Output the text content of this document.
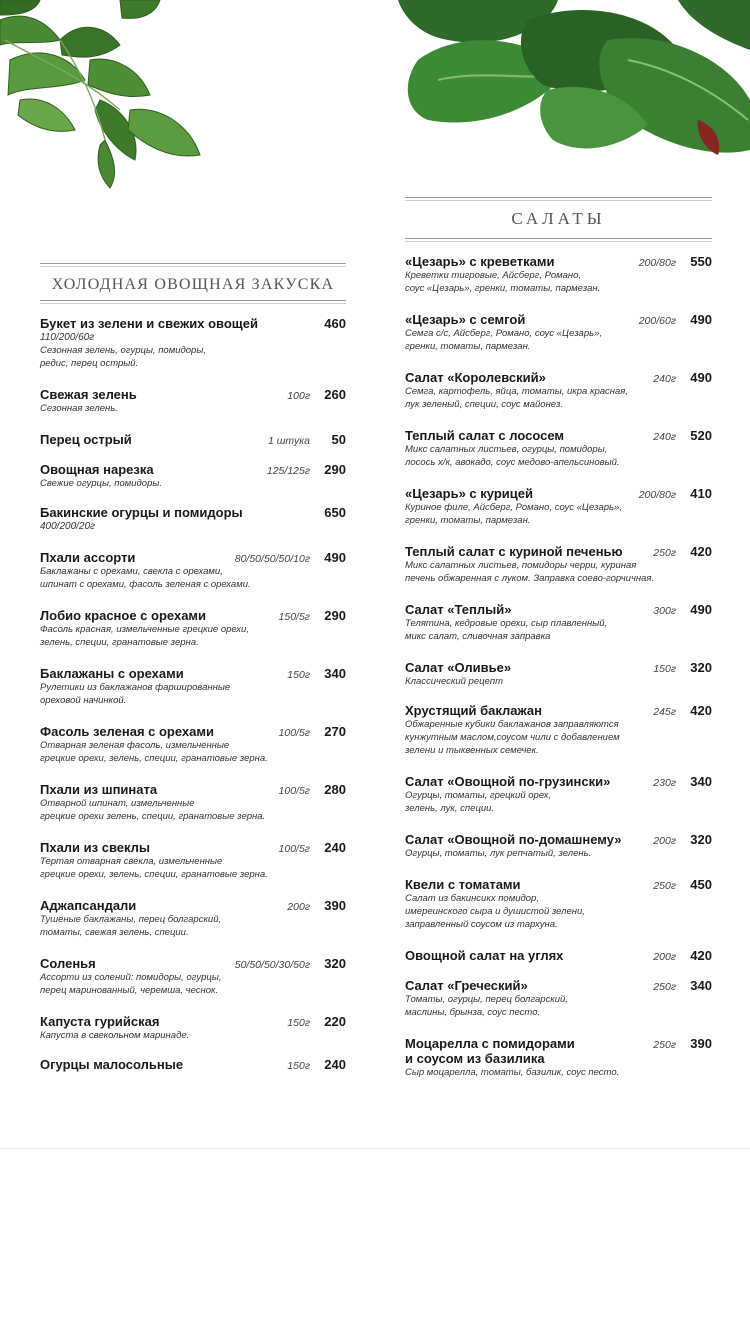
ХОЛОДНАЯ ОВОЩНАЯ ЗАКУСКА
Букет из зелени и свежих овощей	460
110/200/60г
Сезонная зелень, огурцы, помидоры,
редис, перец острый.
Свежая зелень	100г	260
Сезонная зелень.
Перец острый	1 штука	50
Овощная нарезка	125/125г	290
Свежие огурцы, помидоры.
Бакинские огурцы и помидоры	650
400/200/20г
Пхали ассорти	80/50/50/50/10г	490
Баклажаны с орехами, свекла с орехами,
шпинат с орехами, фасоль зеленая с орехами.
Лобио красное с орехами	150/5г	290
Фасоль красная, измельченные грецкие орехи,
зелень, специи, гранатовые зерна.
Баклажаны с орехами	150г	340
Рулетики из баклажанов фаршированные
ореховой начинкой.
Фасоль зеленая с орехами	100/5г	270
Отварная зеленая фасоль, измельченные
грецкие орехи, зелень, специи, гранатовые зерна.
Пхали из шпината	100/5г	280
Отварной шпинат, измельченные
грецкие орехи зелень, специи, гранатовые зерна.
Пхали из свеклы	100/5г	240
Тертая отварная свекла, измельченные
грецкие орехи, зелень, специи, гранатовые зерна.
Аджапсандали	200г	390
Тушеные баклажаны, перец болгарский,
томаты, свежая зелень, специи.
Соленья	50/50/50/30/50г	320
Ассорти из солений: помидоры, огурцы,
перец маринованный, черемша, чеснок.
Капуста гурийская	150г	220
Капуста в свекольном маринаде.
Огурцы малосольные	150г	240
САЛАТЫ
«Цезарь» с креветками	200/80г	550
Креветки тигровые, Айсберг, Романо,
соус «Цезарь», гренки, томаты, пармезан.
«Цезарь» с семгой	200/60г	490
Семга с/с, Айсберг, Романо, соус «Цезарь»,
гренки, томаты, пармезан.
Салат «Королевский»	240г	490
Семга, картофель, яйца, томаты, икра красная,
лук зеленый, специи, соус майонез.
Теплый салат с лососем	240г	520
Микс салатных листьев, огурцы, помидоры,
лосось х/к, авокадо, соус медово-апельсиновый.
«Цезарь» с курицей	200/80г	410
Куриное филе, Айсберг, Романо, соус «Цезарь»,
гренки, томаты, пармезан.
Теплый салат с куриной печенью	250г	420
Микс салатных листьев, помидоры черри, куриная
печень обжаренная с луком. Заправка соево-горчичная.
Салат «Теплый»	300г	490
Телятина, кедровые орехи, сыр плавленный,
микс салат, сливочная заправка
Салат «Оливье»	150г	320
Классический рецепт
Хрустящий баклажан	245г	420
Обжаренные кубики баклажанов заправляются
кунжутным маслом,соусом чили с добавлением
зелени и тыквенных семечек.
Салат «Овощной по-грузински»	230г	340
Огурцы, томаты, грецкий орех,
зелень, лук, специи.
Салат «Овощной по-домашнему»	200г	320
Огурцы, томаты, лук репчатый, зелень.
Квели с томатами	250г	450
Салат из бакинсикх помидор,
имереинского сыра и душистой зелени,
заправленный соусом из тархуна.
Овощной салат на углях	200г	420
Салат «Греческий»	250г	340
Томаты, огурцы, перец болгарский,
маслины, брынза, соус песто.
Моцарелла с помидорами
и соусом из базилика
250г	390
Сыр моцарелла, томаты, базилик, соус песто.
